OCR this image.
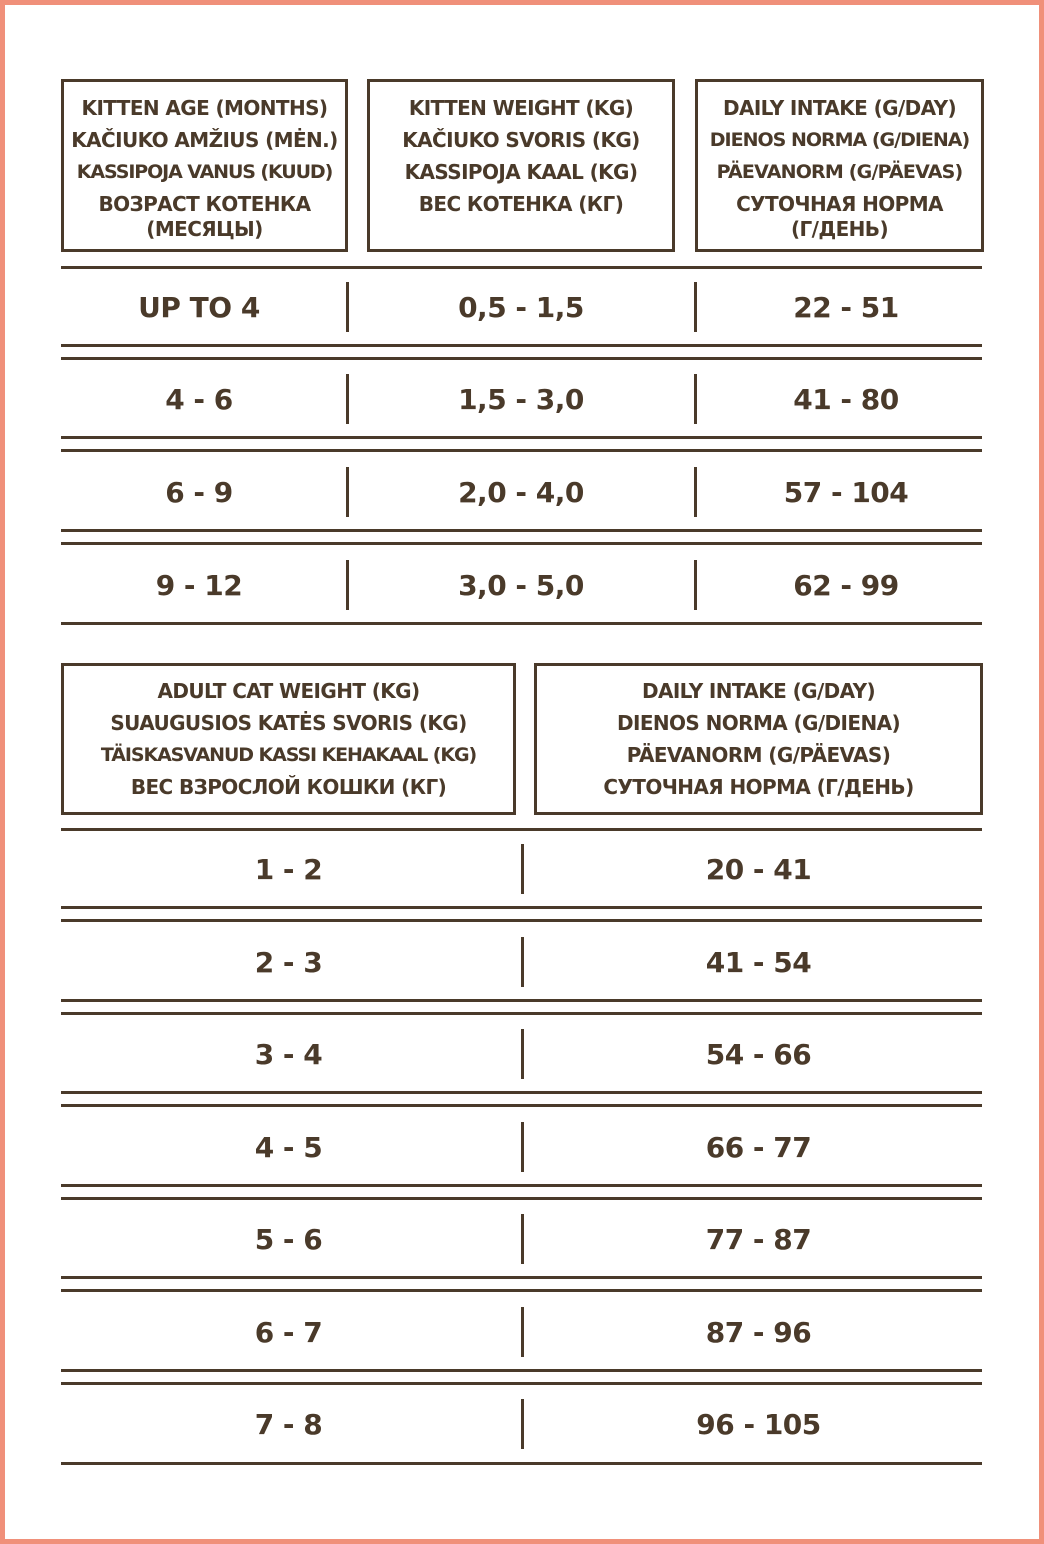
KITTEN AGE (MONTHS)
KAČIUKO AMŽIUS (MĖN.)
KASSIPOJA VANUS (KUUD)
ВОЗРАСТ КОТЕНКА
(МЕСЯЦЫ)
KITTEN WEIGHT (KG)
KAČIUKO SVORIS (KG)
KASSIPOJA KAAL (KG)
ВЕС КОТЕНКА (КГ)
DAILY INTAKE (G/DAY)
DIENOS NORMA (G/DIENA)
PÄEVANORM (G/PÄEVAS)
СУТОЧНАЯ НОРМА
(Г/ДЕНЬ)
UP TO 4	0,5 - 1,5	22 - 51
4 - 6	1,5 - 3,0	41 - 80
6 - 9	2,0 - 4,0	57 - 104
9 - 12	3,0 - 5,0	62 - 99
ADULT CAT WEIGHT (KG)
SUAUGUSIOS KATĖS SVORIS (KG)
TÄISKASVANUD KASSI KEHAKAAL (KG)
ВЕС ВЗРОСЛОЙ КОШКИ (КГ)
DAILY INTAKE (G/DAY)
DIENOS NORMA (G/DIENA)
PÄEVANORM (G/PÄEVAS)
СУТОЧНАЯ НОРМА (Г/ДЕНЬ)
1 - 2	20 - 41
2 - 3	41 - 54
3 - 4	54 - 66
4 - 5	66 - 77
5 - 6	77 - 87
6 - 7	87 - 96
7 - 8	96 - 105
